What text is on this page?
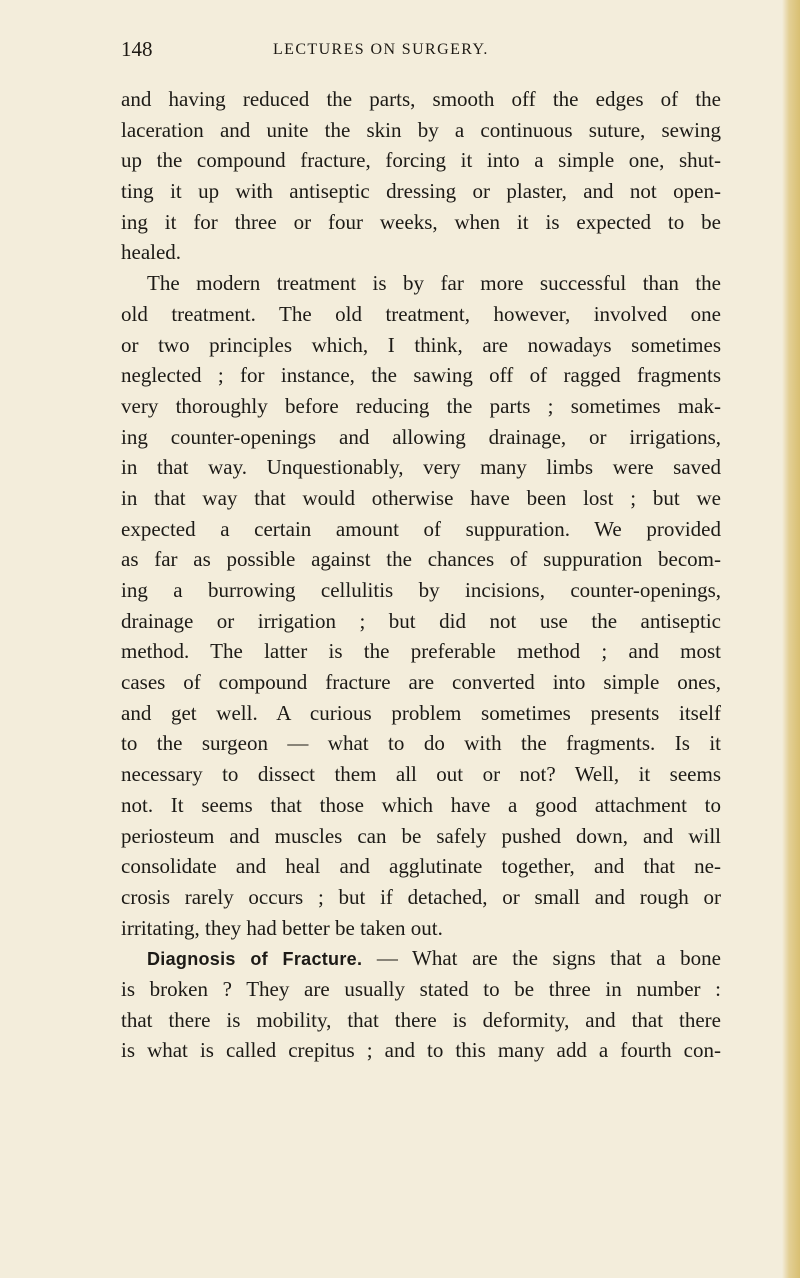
148	LECTURES ON SURGERY.
and having reduced the parts, smooth off the edges of the
laceration and unite the skin by a continuous suture, sewing
up the compound fracture, forcing it into a simple one, shut-
ting it up with antiseptic dressing or plaster, and not open-
ing it for three or four weeks, when it is expected to be
healed.
The modern treatment is by far more successful than the
old treatment. The old treatment, however, involved one
or two principles which, I think, are nowadays sometimes
neglected ; for instance, the sawing off of ragged fragments
very thoroughly before reducing the parts ; sometimes mak-
ing counter-openings and allowing drainage, or irrigations,
in that way. Unquestionably, very many limbs were saved
in that way that would otherwise have been lost ; but we
expected a certain amount of suppuration. We provided
as far as possible against the chances of suppuration becom-
ing a burrowing cellulitis by incisions, counter-openings,
drainage or irrigation ; but did not use the antiseptic
method. The latter is the preferable method ; and most
cases of compound fracture are converted into simple ones,
and get well. A curious problem sometimes presents itself
to the surgeon — what to do with the fragments. Is it
necessary to dissect them all out or not? Well, it seems
not. It seems that those which have a good attachment to
periosteum and muscles can be safely pushed down, and will
consolidate and heal and agglutinate together, and that ne-
crosis rarely occurs ; but if detached, or small and rough or
irritating, they had better be taken out.
Diagnosis of Fracture. — What are the signs that a bone
is broken ? They are usually stated to be three in number :
that there is mobility, that there is deformity, and that there
is what is called crepitus ; and to this many add a fourth con-
